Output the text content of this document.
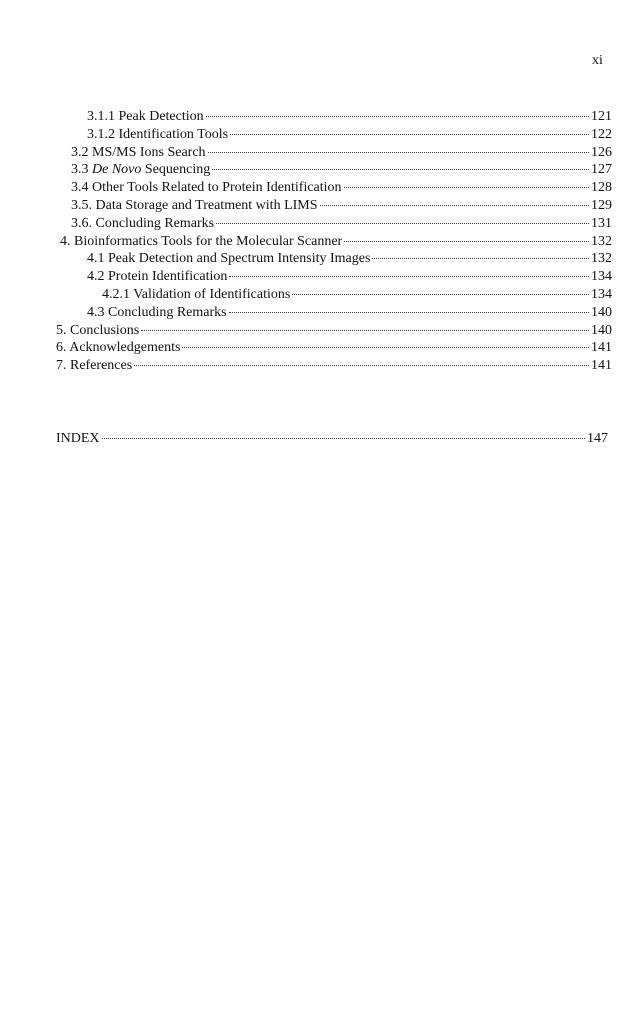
xi
3.1.1 Peak Detection	121
3.1.2 Identification Tools	122
3.2 MS/MS Ions Search	126
3.3 De Novo Sequencing	127
3.4 Other Tools Related to Protein Identification	128
3.5. Data Storage and Treatment with LIMS	129
3.6. Concluding Remarks	131
4. Bioinformatics Tools for the Molecular Scanner	132
4.1 Peak Detection and Spectrum Intensity Images	132
4.2 Protein Identification	134
4.2.1 Validation of Identifications	134
4.3 Concluding Remarks	140
5. Conclusions	140
6. Acknowledgements	141
7. References	141
INDEX	147
